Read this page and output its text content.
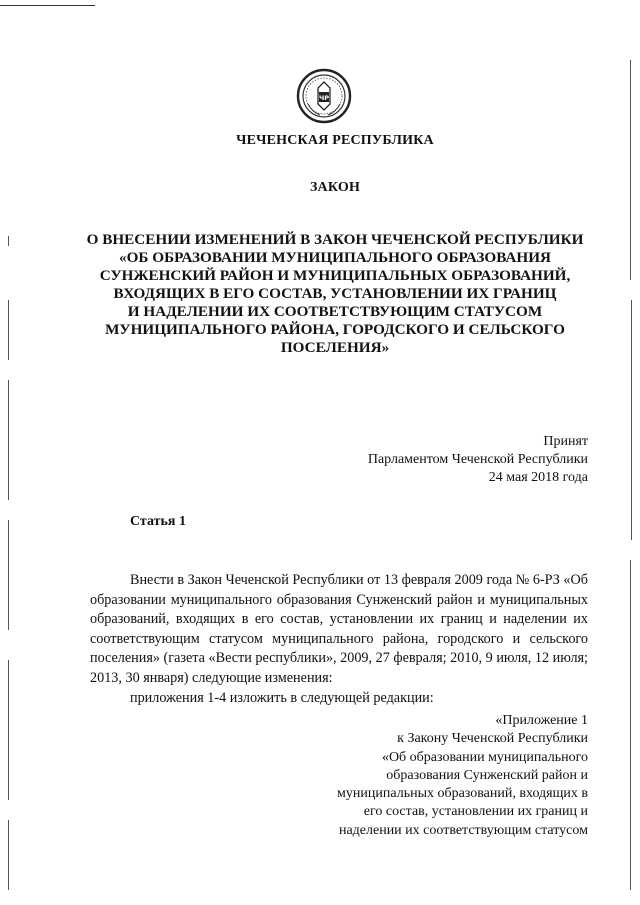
ЧР
ЧЕЧЕНСКАЯ РЕСПУБЛИКА
ЗАКОН
О ВНЕСЕНИИ ИЗМЕНЕНИЙ В ЗАКОН ЧЕЧЕНСКОЙ РЕСПУБЛИКИ
«ОБ ОБРАЗОВАНИИ МУНИЦИПАЛЬНОГО ОБРАЗОВАНИЯ
СУНЖЕНСКИЙ РАЙОН И МУНИЦИПАЛЬНЫХ ОБРАЗОВАНИЙ,
ВХОДЯЩИХ В ЕГО СОСТАВ, УСТАНОВЛЕНИИ ИХ ГРАНИЦ
И НАДЕЛЕНИИ ИХ СООТВЕТСТВУЮЩИМ СТАТУСОМ
МУНИЦИПАЛЬНОГО РАЙОНА, ГОРОДСКОГО И СЕЛЬСКОГО
ПОСЕЛЕНИЯ»
Принят
Парламентом Чеченской Республики
24 мая 2018 года
Статья 1
Внести в Закон Чеченской Республики от 13 февраля 2009 года № 6-РЗ «Об образовании муниципального образования Сунженский район и муниципальных образований, входящих в его состав, установлении их границ и наделении их соответствующим статусом муниципального района, городского и сельского поселения» (газета «Вести республики», 2009, 27 февраля; 2010, 9 июля, 12 июля; 2013, 30 января) следующие изменения:
приложения 1-4 изложить в следующей редакции:
«Приложение 1
к Закону Чеченской Республики
«Об образовании муниципального
образования Сунженский район и
муниципальных образований, входящих в
его состав, установлении их границ и
наделении их соответствующим статусом
